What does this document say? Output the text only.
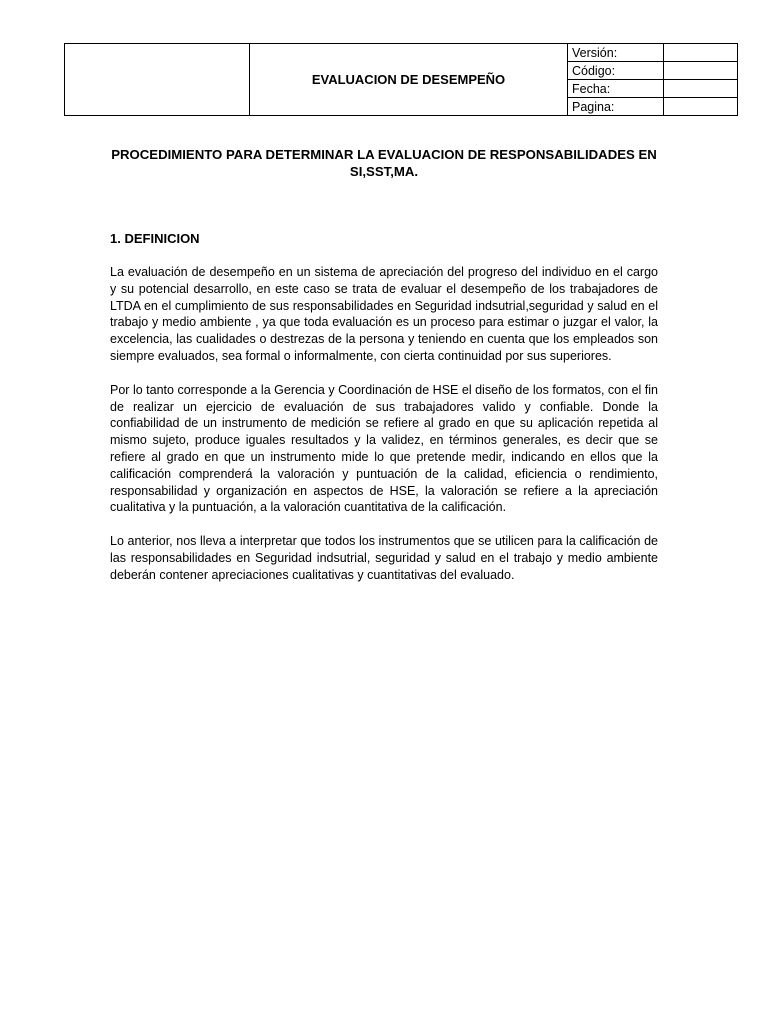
	EVALUACION DE DESEMPEÑO	Versión:	
		Código:	
		Fecha:	
		Pagina:	
PROCEDIMIENTO PARA DETERMINAR LA EVALUACION DE RESPONSABILIDADES EN SI,SST,MA.
1. DEFINICION

La evaluación de desempeño en un sistema de apreciación del progreso del individuo en el cargo y su potencial desarrollo, en este caso se trata de evaluar el desempeño de los trabajadores de LTDA en el cumplimiento de sus responsabilidades en Seguridad indsutrial,seguridad y salud en el trabajo y medio ambiente , ya que toda evaluación es un proceso para estimar o juzgar el valor, la excelencia, las cualidades o destrezas de la persona y teniendo en cuenta que los empleados son siempre evaluados, sea formal o informalmente, con cierta continuidad por sus superiores.

Por lo tanto corresponde a la Gerencia y Coordinación de HSE el diseño de los formatos, con el fin de realizar un ejercicio de evaluación de sus trabajadores valido y confiable. Donde la confiabilidad de un instrumento de medición se refiere al grado en que su aplicación repetida al mismo sujeto, produce iguales resultados y la validez, en términos generales, es decir que se refiere al grado en que un instrumento mide lo que pretende medir, indicando en ellos que la calificación comprenderá la valoración y puntuación de la calidad, eficiencia o rendimiento, responsabilidad y organización en aspectos de HSE, la valoración se refiere a la apreciación cualitativa y la puntuación, a la valoración cuantitativa de la calificación.

Lo anterior, nos lleva a interpretar que todos los instrumentos que se utilicen para la calificación de las responsabilidades en Seguridad indsutrial, seguridad y salud en el trabajo y medio ambiente deberán contener apreciaciones cualitativas y cuantitativas del evaluado.
